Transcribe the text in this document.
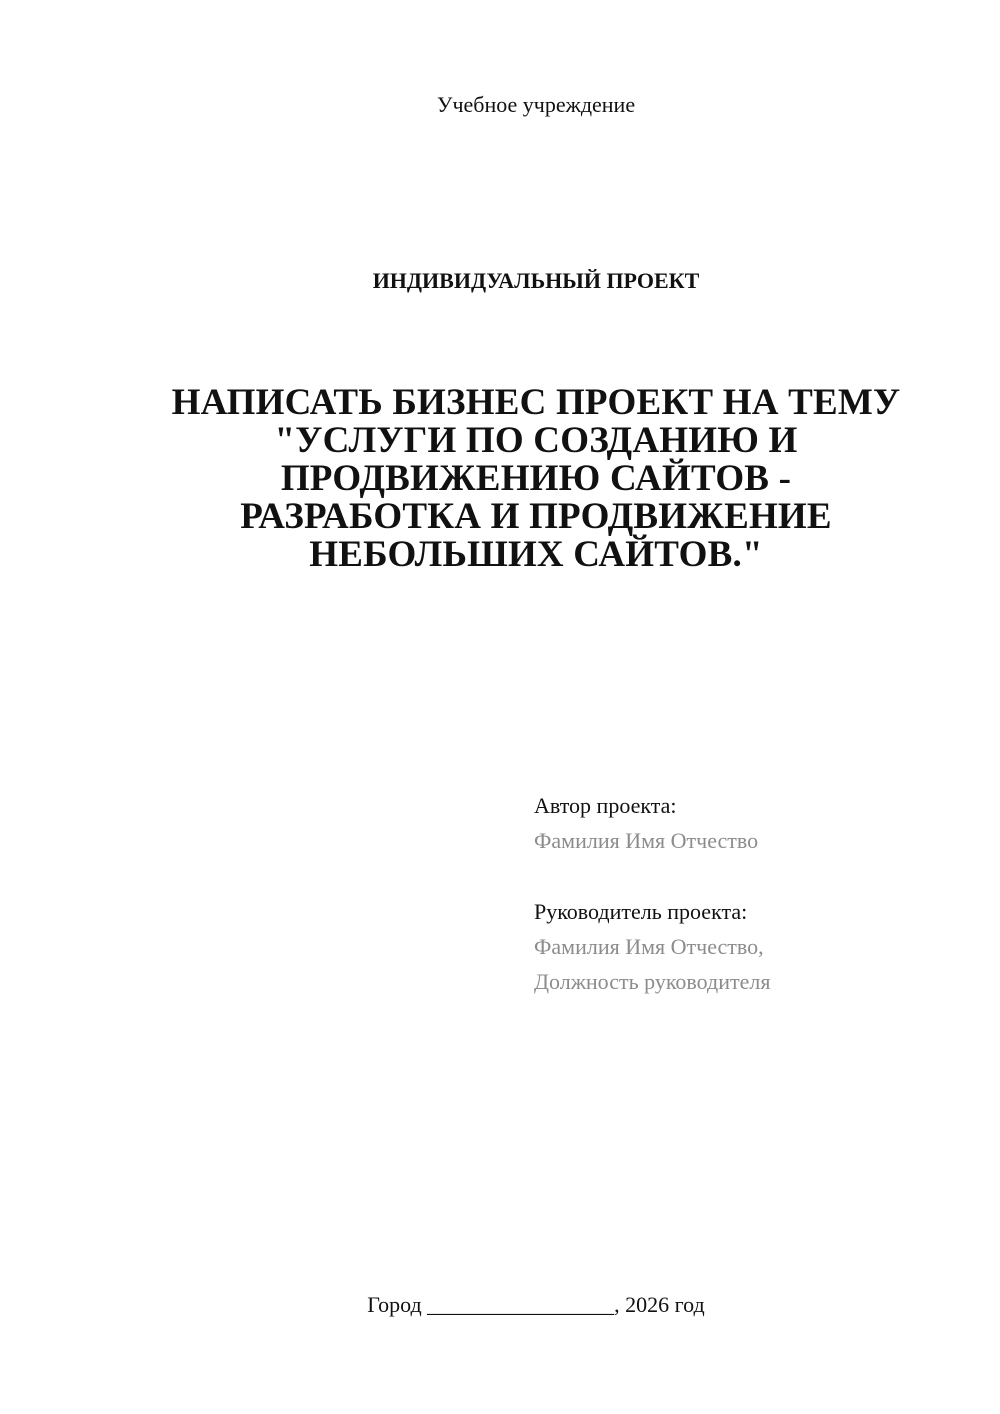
Учебное учреждение
ИНДИВИДУАЛЬНЫЙ ПРОЕКТ
НАПИСАТЬ БИЗНЕС ПРОЕКТ НА ТЕМУ
"УСЛУГИ ПО СОЗДАНИЮ И
ПРОДВИЖЕНИЮ САЙТОВ -
РАЗРАБОТКА И ПРОДВИЖЕНИЕ
НЕБОЛЬШИХ САЙТОВ."
Автор проекта:
Фамилия Имя Отчество
Руководитель проекта:
Фамилия Имя Отчество,
Должность руководителя
Город _________________, 2026 год
